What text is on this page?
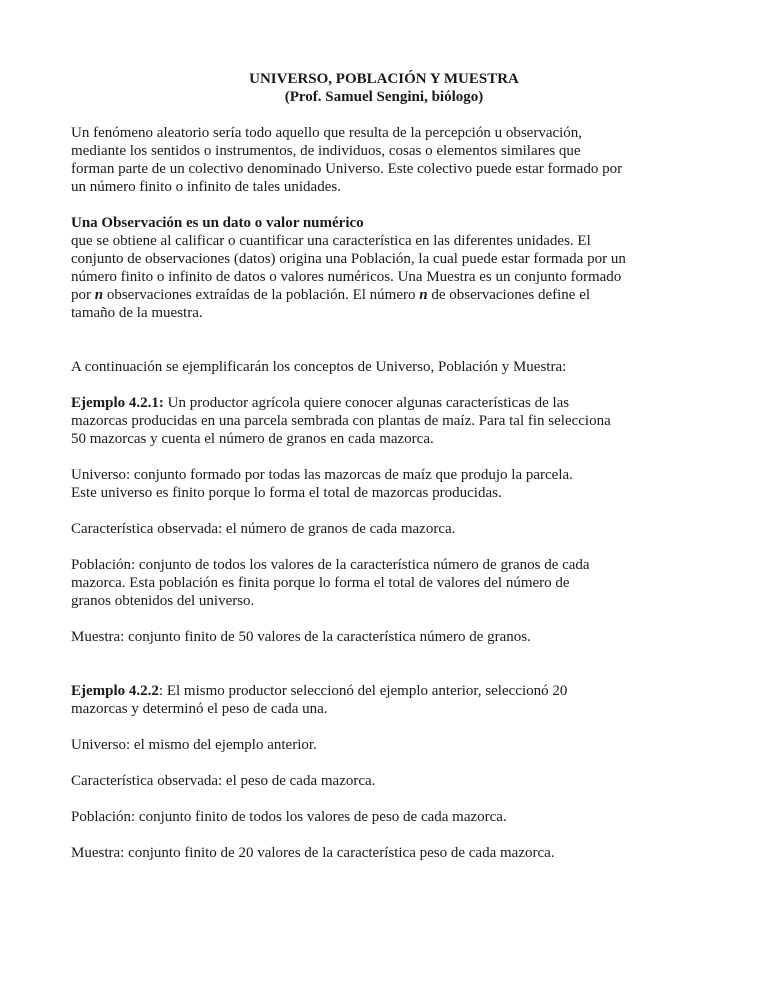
UNIVERSO, POBLACIÓN Y MUESTRA
(Prof. Samuel Sengini, biólogo)

Un fenómeno aleatorio sería todo aquello que resulta de la percepción u observación,

mediante los sentidos o instrumentos, de individuos, cosas o elementos similares que

forman parte de un colectivo denominado Universo. Este colectivo puede estar formado por

un número finito o infinito de tales unidades.

Una Observación es un dato o valor numérico

que se obtiene al calificar o cuantificar una característica en las diferentes unidades. El

conjunto de observaciones (datos) origina una Población, la cual puede estar formada por un

número finito o infinito de datos o valores numéricos. Una Muestra es un conjunto formado

por n observaciones extraídas de la población. El número n de observaciones define el

tamaño de la muestra.

A continuación se ejemplificarán los conceptos de Universo, Población y Muestra:

Ejemplo 4.2.1: Un productor agrícola quiere conocer algunas características de las

mazorcas producidas en una parcela sembrada con plantas de maíz. Para tal fin selecciona

50 mazorcas y cuenta el número de granos en cada mazorca.

Universo: conjunto formado por todas las mazorcas de maíz que produjo la parcela.

Este universo es finito porque lo forma el total de mazorcas producidas.

Característica observada: el número de granos de cada mazorca.

Población: conjunto de todos los valores de la característica número de granos de cada

mazorca. Esta población es finita porque lo forma el total de valores del número de

granos obtenidos del universo.

Muestra: conjunto finito de 50 valores de la característica número de granos.

Ejemplo 4.2.2: El mismo productor seleccionó del ejemplo anterior, seleccionó 20

mazorcas y determinó el peso de cada una.

Universo: el mismo del ejemplo anterior.

Característica observada: el peso de cada mazorca.

Población: conjunto finito de todos los valores de peso de cada mazorca.

Muestra: conjunto finito de 20 valores de la característica peso de cada mazorca.
